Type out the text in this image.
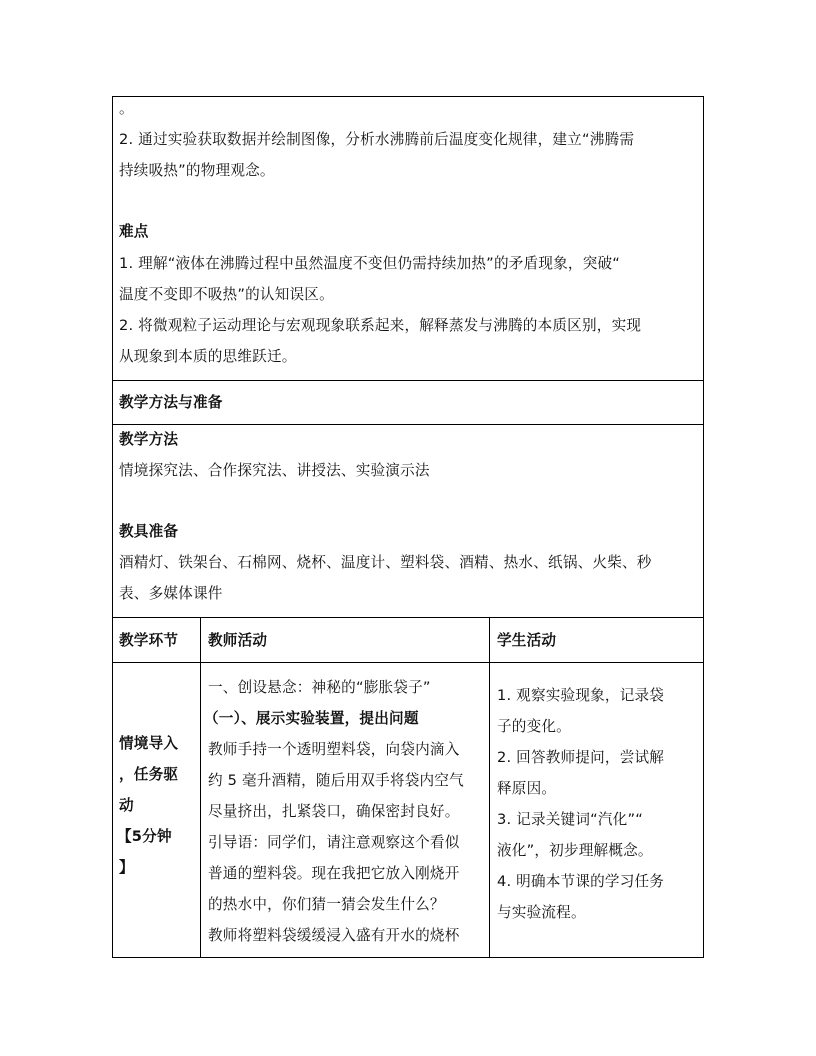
。
2. 通过实验获取数据并绘制图像，分析水沸腾前后温度变化规律，建立“沸腾需
持续吸热”的物理观念。
难点
1. 理解“液体在沸腾过程中虽然温度不变但仍需持续加热”的矛盾现象，突破“
温度不变即不吸热”的认知误区。
2. 将微观粒子运动理论与宏观现象联系起来，解释蒸发与沸腾的本质区别，实现
从现象到本质的思维跃迁。
教学方法与准备
教学方法
情境探究法、合作探究法、讲授法、实验演示法
教具准备
酒精灯、铁架台、石棉网、烧杯、温度计、塑料袋、酒精、热水、纸锅、火柴、秒
表、多媒体课件
教学环节 教师活动	学生活动
情境导入
，任务驱
动
【5分钟
】
一、创设悬念：神秘的“膨胀袋子”
（一）、展示实验装置，提出问题
教师手持一个透明塑料袋，向袋内滴入
约 5 毫升酒精，随后用双手将袋内空气
尽量挤出，扎紧袋口，确保密封良好。
引导语：同学们，请注意观察这个看似
普通的塑料袋。现在我把它放入刚烧开
的热水中，你们猜一猜会发生什么？
教师将塑料袋缓缓浸入盛有开水的烧杯
1. 观察实验现象，记录袋
子的变化。
2. 回答教师提问，尝试解
释原因。
3. 记录关键词“汽化”“
液化”，初步理解概念。
4. 明确本节课的学习任务
与实验流程。
